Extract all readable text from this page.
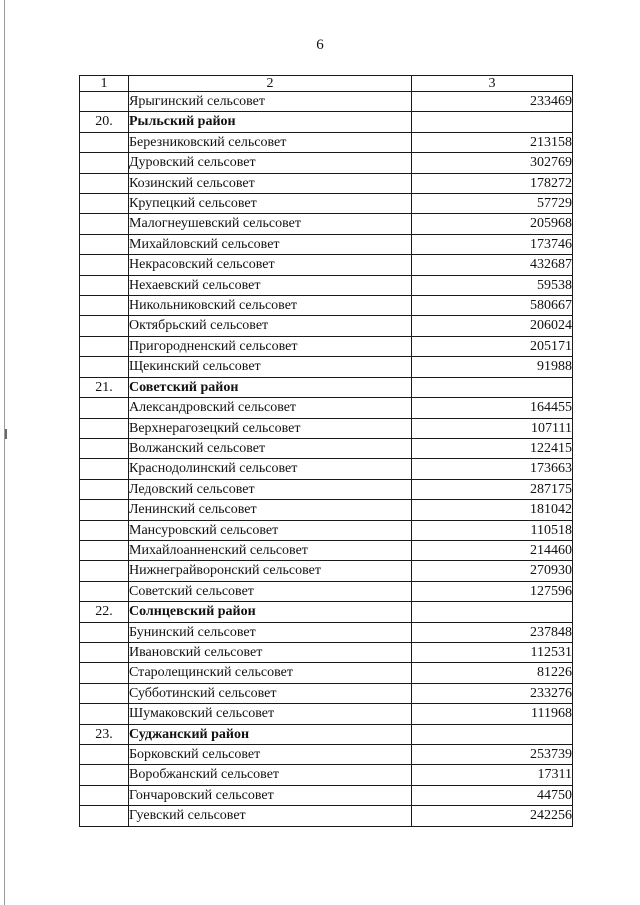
6
1	2	3
	Ярыгинский сельсовет	233469
20.	Рыльский район	
	Березниковский сельсовет	213158
	Дуровский сельсовет	302769
	Козинский сельсовет	178272
	Крупецкий сельсовет	57729
	Малогнеушевский сельсовет	205968
	Михайловский сельсовет	173746
	Некрасовский сельсовет	432687
	Нехаевский сельсовет	59538
	Никольниковский сельсовет	580667
	Октябрьский сельсовет	206024
	Пригородненский сельсовет	205171
	Щекинский сельсовет	91988
21.	Советский район	
	Александровский сельсовет	164455
	Верхнерагозецкий сельсовет	107111
	Волжанский сельсовет	122415
	Краснодолинский сельсовет	173663
	Ледовский сельсовет	287175
	Ленинский сельсовет	181042
	Мансуровский сельсовет	110518
	Михайлоанненский сельсовет	214460
	Нижнеграйворонский сельсовет	270930
	Советский сельсовет	127596
22.	Солнцевский район	
	Бунинский сельсовет	237848
	Ивановский сельсовет	112531
	Старолещинский сельсовет	81226
	Субботинский сельсовет	233276
	Шумаковский сельсовет	111968
23.	Суджанский район	
	Борковский сельсовет	253739
	Воробжанский сельсовет	17311
	Гончаровский сельсовет	44750
	Гуевский сельсовет	242256
